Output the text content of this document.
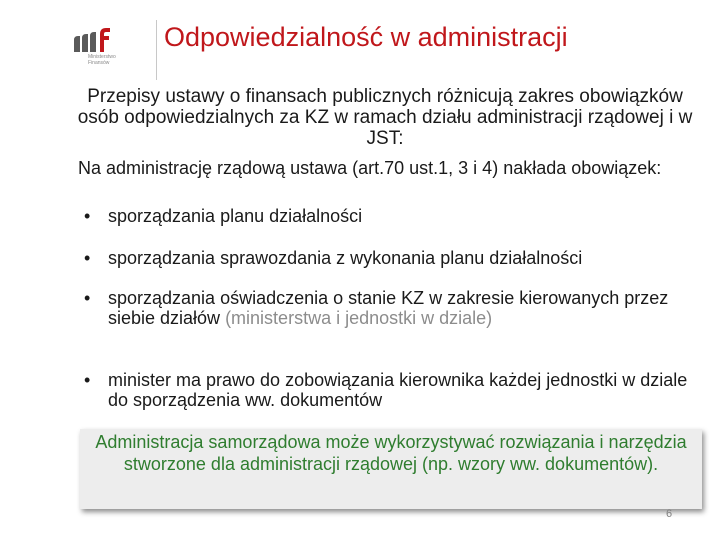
Ministerstwo
Finansów
Odpowiedzialność w administracji
Przepisy ustawy o finansach publicznych różnicują zakres obowiązków osób odpowiedzialnych za KZ w ramach działu administracji rządowej i w JST:
Na administrację rządową ustawa (art.70 ust.1, 3 i 4) nakłada obowiązek:
• sporządzania planu działalności
• sporządzania sprawozdania z wykonania planu działalności
• sporządzania oświadczenia o stanie KZ w zakresie kierowanych przez siebie działów (ministerstwa i jednostki w dziale)
• minister ma prawo do zobowiązania kierownika każdej jednostki w dziale do sporządzenia ww. dokumentów
Administracja samorządowa może wykorzystywać rozwiązania i narzędzia stworzone dla administracji rządowej (np. wzory ww. dokumentów).
6
